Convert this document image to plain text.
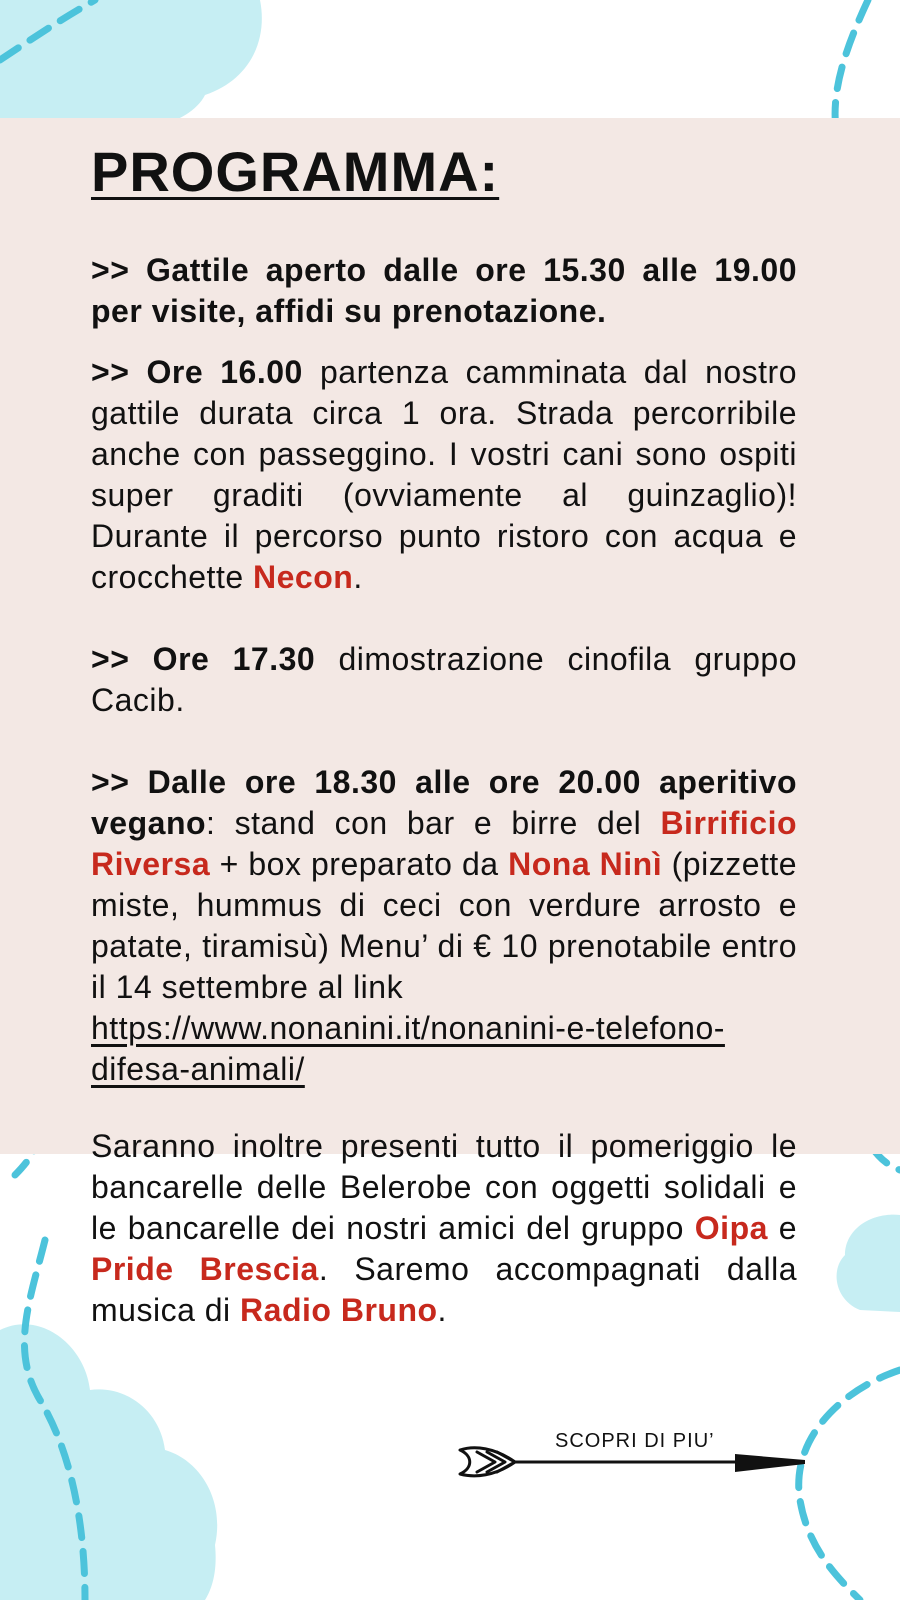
PROGRAMMA:

>> Gattile aperto dalle ore 15.30 alle 19.00 per visite, affidi su prenotazione.

>> Ore 16.00 partenza camminata dal nostro gattile durata circa 1 ora. Strada percorribile anche con passeggino. I vostri cani sono ospiti super graditi (ovviamente al guinzaglio)! Durante il percorso punto ristoro con acqua e crocchette Necon.

>> Ore 17.30 dimostrazione cinofila gruppo Cacib.

>> Dalle ore 18.30 alle ore 20.00 aperitivo vegano: stand con bar e birre del Birrificio Riversa + box preparato da Nona Ninì (pizzette miste, hummus di ceci con verdure arrosto e patate, tiramisù) Menu’ di € 10 prenotabile entro il 14 settembre al link
https://www.nonanini.it/nonanini-e-telefono-difesa-animali/

Saranno inoltre presenti tutto il pomeriggio le bancarelle delle Belerobe con oggetti solidali e le bancarelle dei nostri amici del gruppo Oipa e Pride Brescia. Saremo accompagnati dalla musica di Radio Bruno.

SCOPRI DI PIU’
